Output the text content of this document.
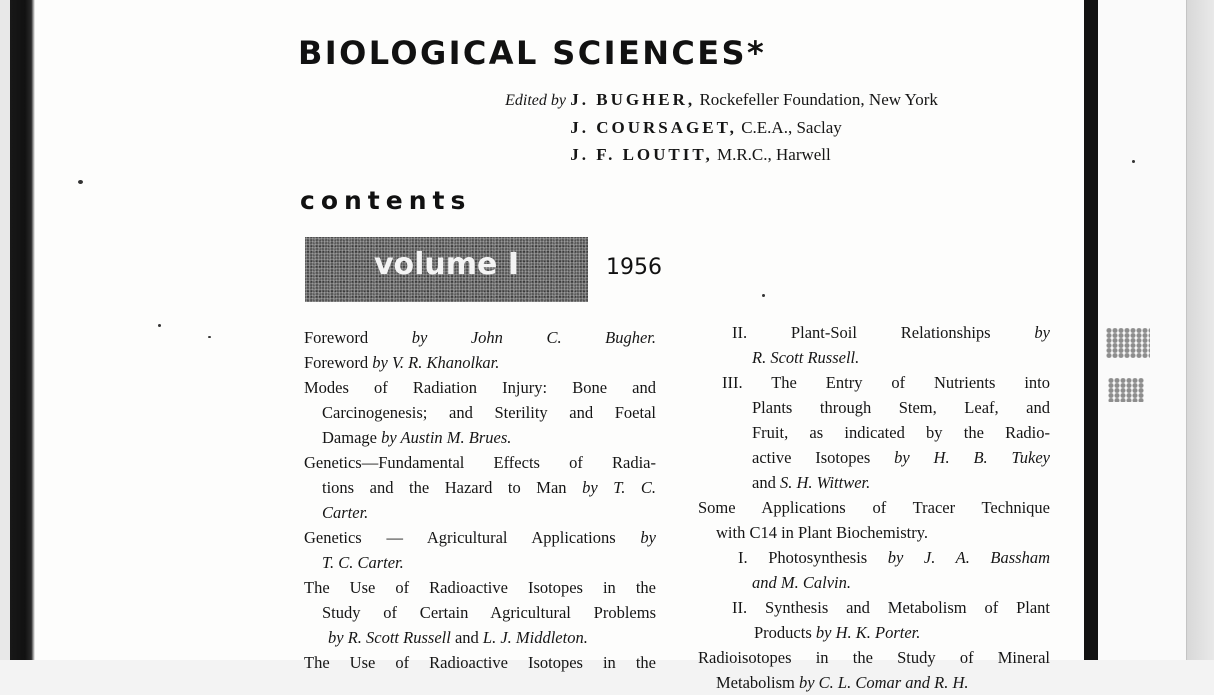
BIOLOGICAL SCIENCES*
Edited by J. BUGHER, Rockefeller Foundation, New York
J. COURSAGET, C.E.A., Saclay
J. F. LOUTIT, M.R.C., Harwell
contents
volume I	1956
Foreword by John C. Bugher.
Foreword by V. R. Khanolkar.
Modes of Radiation Injury: Bone and
Carcinogenesis; and Sterility and Foetal
Damage by Austin M. Brues.
Genetics—Fundamental Effects of Radia-
tions and the Hazard to Man by T. C.
Carter.
Genetics — Agricultural Applications by
T. C. Carter.
The Use of Radioactive Isotopes in the
Study of Certain Agricultural Problems
by R. Scott Russell and L. J. Middleton.
The Use of Radioactive Isotopes in the
II. Plant-Soil Relationships by
R. Scott Russell.
III. The Entry of Nutrients into
Plants through Stem, Leaf, and
Fruit, as indicated by the Radio-
active Isotopes by H. B. Tukey
and S. H. Wittwer.
Some Applications of Tracer Technique
with C14 in Plant Biochemistry.
I. Photosynthesis by J. A. Bassham
and M. Calvin.
II. Synthesis and Metabolism of Plant
Products by H. K. Porter.
Radioisotopes in the Study of Mineral
Metabolism by C. L. Comar and R. H.
